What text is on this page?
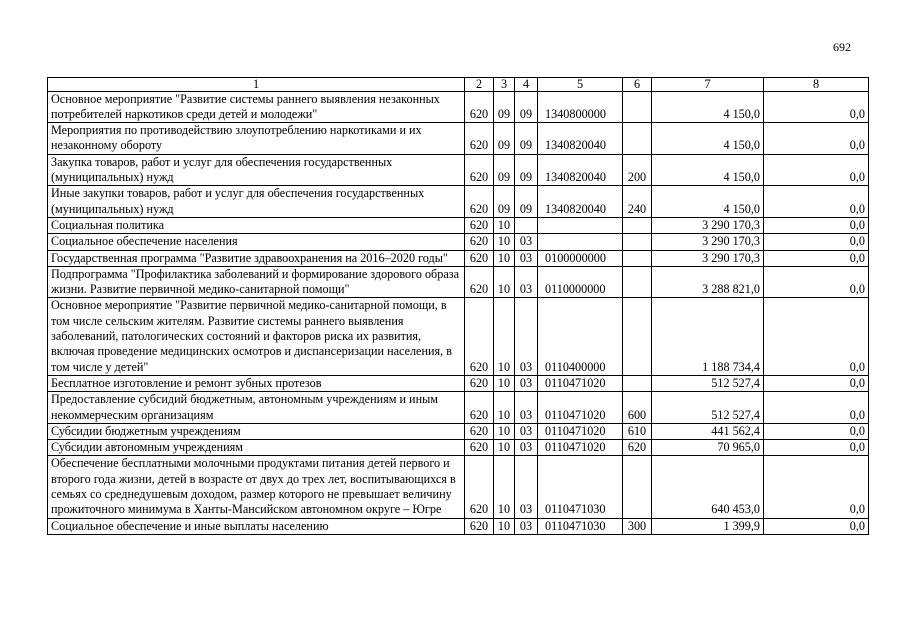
692
1	2	3	4	5	6	7	8
Основное мероприятие "Развитие системы раннего выявления незаконных потребителей наркотиков среди детей и молодежи"	620	09	09	1340800000		4 150,0	0,0
Мероприятия по противодействию злоупотреблению наркотиками и их незаконному обороту	620	09	09	1340820040		4 150,0	0,0
Закупка товаров, работ и услуг для обеспечения государственных (муниципальных) нужд	620	09	09	1340820040	200	4 150,0	0,0
Иные закупки товаров, работ и услуг для обеспечения государственных (муниципальных) нужд	620	09	09	1340820040	240	4 150,0	0,0
Социальная политика	620	10				3 290 170,3	0,0
Социальное обеспечение населения	620	10	03			3 290 170,3	0,0
Государственная программа "Развитие здравоохранения на 2016–2020 годы"	620	10	03	0100000000		3 290 170,3	0,0
Подпрограмма "Профилактика заболеваний и формирование здорового образа жизни. Развитие первичной медико-санитарной помощи"	620	10	03	0110000000		3 288 821,0	0,0
Основное мероприятие "Развитие первичной медико-санитарной помощи, в том числе сельским жителям. Развитие системы раннего выявления заболеваний, патологических состояний и факторов риска их развития, включая проведение медицинских осмотров и диспансеризации населения, в том числе у детей"	620	10	03	0110400000		1 188 734,4	0,0
Бесплатное изготовление и ремонт зубных протезов	620	10	03	0110471020		512 527,4	0,0
Предоставление субсидий бюджетным, автономным учреждениям и иным некоммерческим организациям	620	10	03	0110471020	600	512 527,4	0,0
Субсидии бюджетным учреждениям	620	10	03	0110471020	610	441 562,4	0,0
Субсидии автономным учреждениям	620	10	03	0110471020	620	70 965,0	0,0
Обеспечение бесплатными молочными продуктами питания детей первого и второго года жизни, детей в возрасте от двух до трех лет, воспитывающихся в семьях со среднедушевым доходом, размер которого не превышает величину прожиточного минимума в Ханты-Мансийском автономном округе – Югре	620	10	03	0110471030		640 453,0	0,0
Социальное обеспечение и иные выплаты населению	620	10	03	0110471030	300	1 399,9	0,0
